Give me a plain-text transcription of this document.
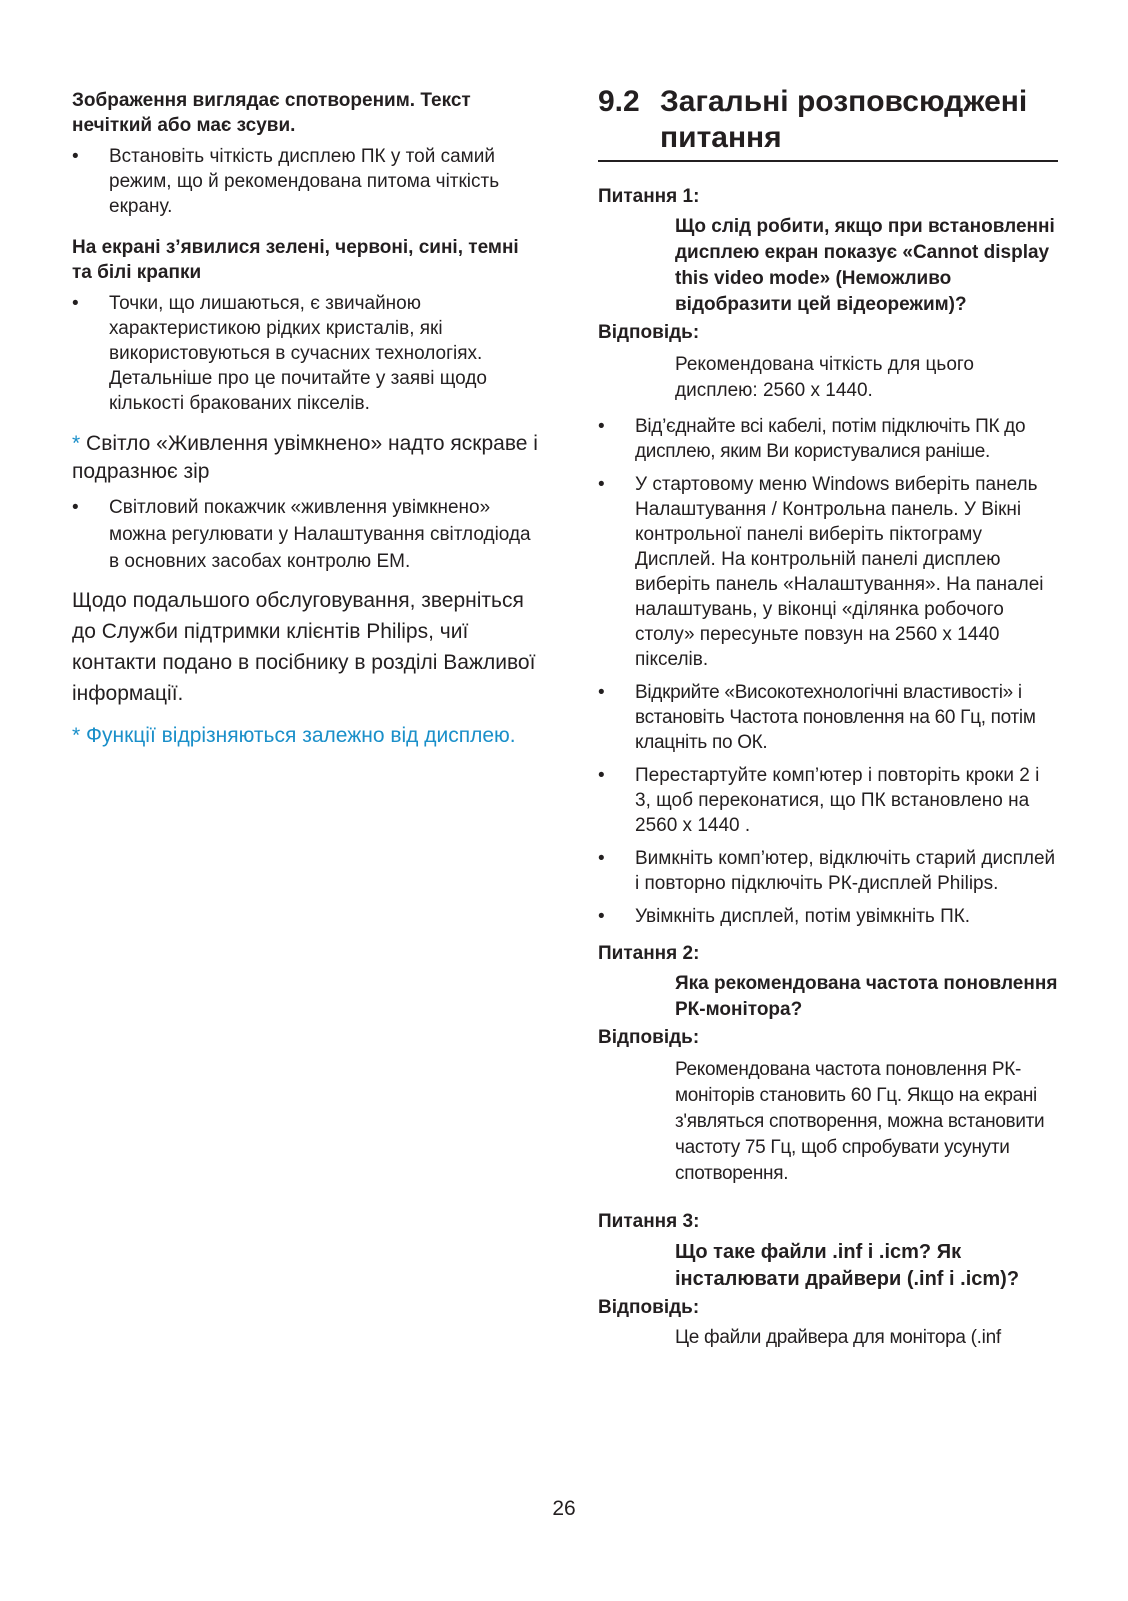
Зображення виглядає спотвореним. Текст нечіткий або має зсуви.

• Встановіть чіткість дисплею ПК у той самий режим, що й рекомендована питома чіткість екрану.

На екрані з’явилися зелені, червоні, сині, темні та білі крапки

• Точки, що лишаються, є звичайною характеристикою рідких кристалів, які використовуються в сучасних технологіях. Детальніше про це почитайте у заяві щодо кількості бракованих пікселів.

* Світло «Живлення увімкнено» надто яскраве і подразнює зір

• Світловий покажчик «живлення увімкнено» можна регулювати у Налаштування світлодіода в основних засобах контролю ЕМ.

Щодо подальшого обслуговування, зверніться до Служби підтримки клієнтів Philips, чиї контакти подано в посібнику в розділі Важливої інформації.

* Функції відрізняються залежно від дисплею.

9.2 Загальні розповсюджені питання

Питання 1:

Що слід робити, якщо при встановленні дисплею екран показує «Cannot display this video mode» (Неможливо відобразити цей відеорежим)?

Відповідь:

Рекомендована чіткість для цього дисплею: 2560 x 1440.

• Від’єднайте всі кабелі, потім підключіть ПК до дисплею, яким Ви користувалися раніше.
• У стартовому меню Windows виберіть панель Налаштування / Контрольна панель. У Вікні контрольної панелі виберіть піктограму Дисплей. На контрольній панелі дисплею виберіть панель «Налаштування». На паналеі налаштувань, у віконці «ділянка робочого столу» пересуньте повзун на 2560 x 1440 пікселів.
• Відкрийте «Високотехнологічні властивості» і встановіть Частота поновлення на 60 Гц, потім клацніть по ОК.
• Перестартуйте комп’ютер і повторіть кроки 2 і 3, щоб переконатися, що ПК встановлено на 2560 x 1440 .
• Вимкніть комп’ютер, відключіть старий дисплей і повторно підключіть РК-дисплей Philips.
• Увімкніть дисплей, потім увімкніть ПК.

Питання 2:

Яка рекомендована частота поновлення РК-монітора?

Відповідь:

Рекомендована частота поновлення РК-моніторів становить 60 Гц. Якщо на екрані з'являться спотворення, можна встановити частоту 75 Гц, щоб спробувати усунути спотворення.

Питання 3:

Що таке файли .inf і .icm? Як інсталювати драйвери (.inf і .icm)?

Відповідь:

Це файли драйвера для монітора (.inf

26
